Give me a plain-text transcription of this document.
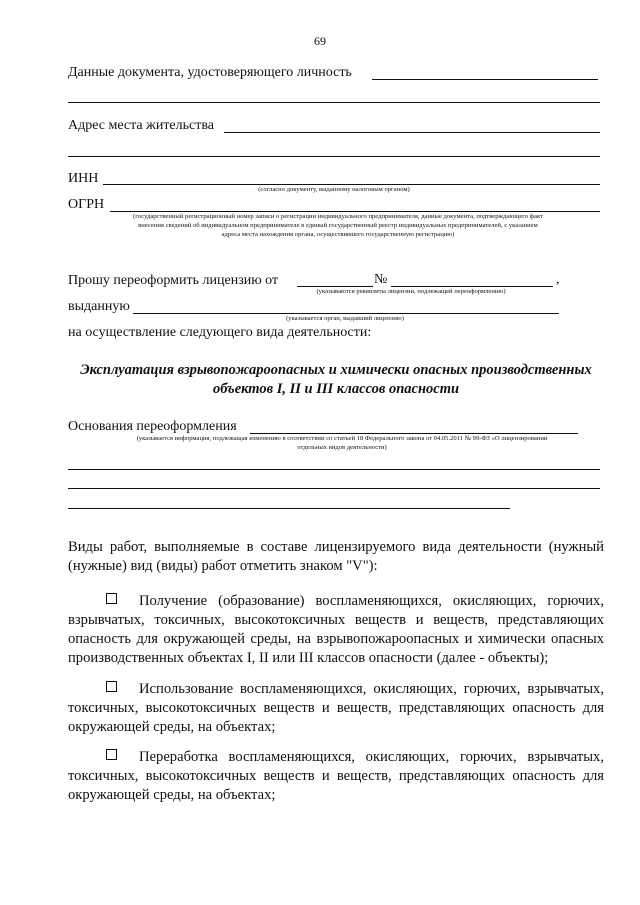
69
Данные документа, удостоверяющего личность
Адрес места жительства
ИНН
(согласно документу, выданному налоговым органом)
ОГРН
(государственный регистрационный номер записи о регистрации индивидуального предпринимателя, данные документа, подтверждающего факт
внесения сведений об индивидуальном предпринимателе в единый государственный реестр индивидуальных предпринимателей, с указанием
адреса места нахождения органа, осуществившего государственную регистрацию)
Прошу переоформить лицензию от	№	,
(указываются реквизиты лицензии, подлежащей переоформлению)
выданную
(указывается орган, выдавший лицензию)
на осуществление следующего вида деятельности:
Эксплуатация взрывопожароопасных и химически опасных производственных
объектов I, II и III классов опасности
Основания переоформления
(указывается информация, подлежащая изменению в соответствии со статьей 18 Федерального закона от 04.05.2011 № 99-ФЗ «О лицензировании
отдельных видов деятельности)
Виды работ, выполняемые в составе лицензируемого вида деятельности (нужный (нужные) вид (виды) работ отметить знаком "V"):
Получение (образование) воспламеняющихся, окисляющих, горючих, взрывчатых, токсичных, высокотоксичных веществ и веществ, представляющих опасность для окружающей среды, на взрывопожароопасных и химически опасных производственных объектах I, II или III классов опасности (далее - объекты);
Использование воспламеняющихся, окисляющих, горючих, взрывчатых, токсичных, высокотоксичных веществ и веществ, представляющих опасность для окружающей среды, на объектах;
Переработка воспламеняющихся, окисляющих, горючих, взрывчатых, токсичных, высокотоксичных веществ и веществ, представляющих опасность для окружающей среды, на объектах;
